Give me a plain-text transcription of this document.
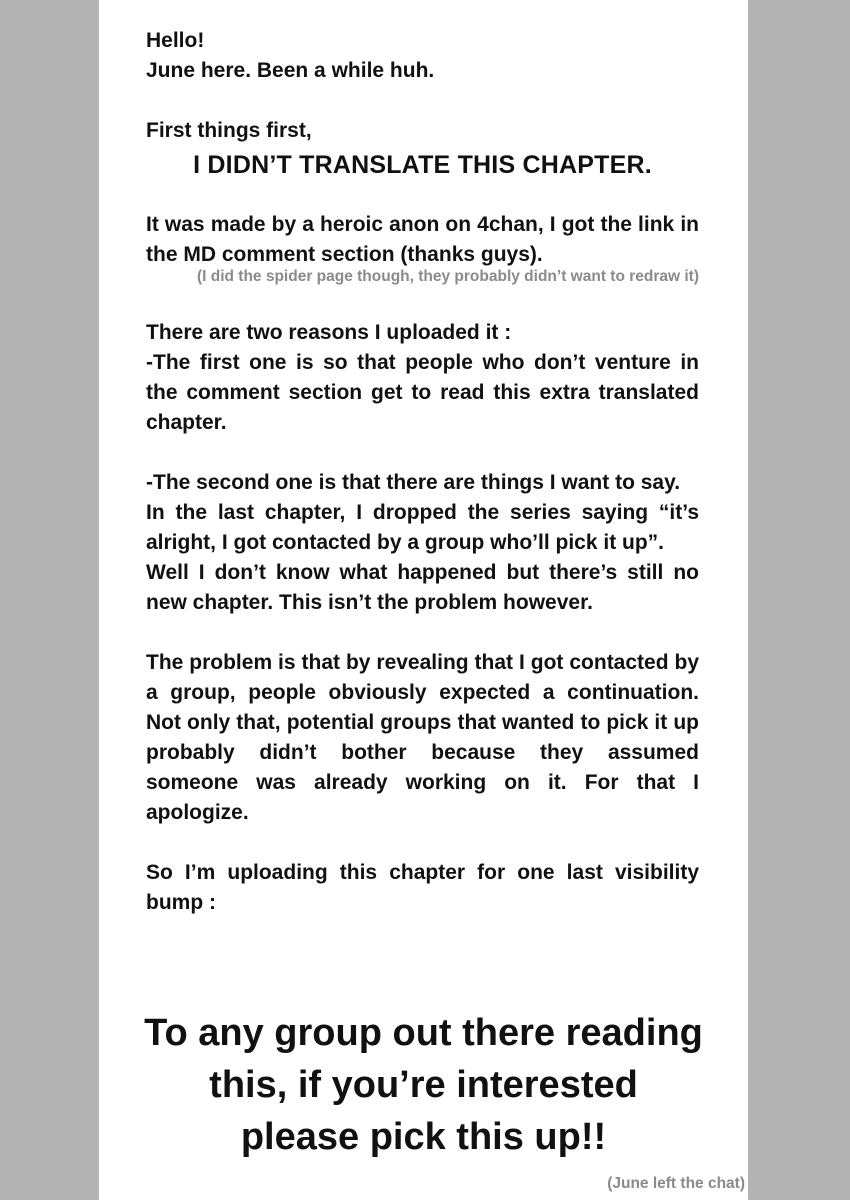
Hello!

June here. Been a while huh.

First things first,

I DIDN’T TRANSLATE THIS CHAPTER.

It was made by a heroic anon on 4chan, I got the link in the MD comment section (thanks guys).

(I did the spider page though, they probably didn’t want to redraw it)

There are two reasons I uploaded it :

-The first one is so that people who don’t venture in the comment section get to read this extra translated chapter.

-The second one is that there are things I want to say.

In the last chapter, I dropped the series saying “it’s alright, I got contacted by a group who’ll pick it up”.

Well I don’t know what happened but there’s still no new chapter. This isn’t the problem however.

The problem is that by revealing that I got contacted by a group, people obviously expected a continuation. Not only that, potential groups that wanted to pick it up probably didn’t bother because they assumed someone was already working on it. For that I apologize.

So I’m uploading this chapter for one last visibility bump :

To any group out there reading
this, if you’re interested
please pick this up!!
(June left the chat)
